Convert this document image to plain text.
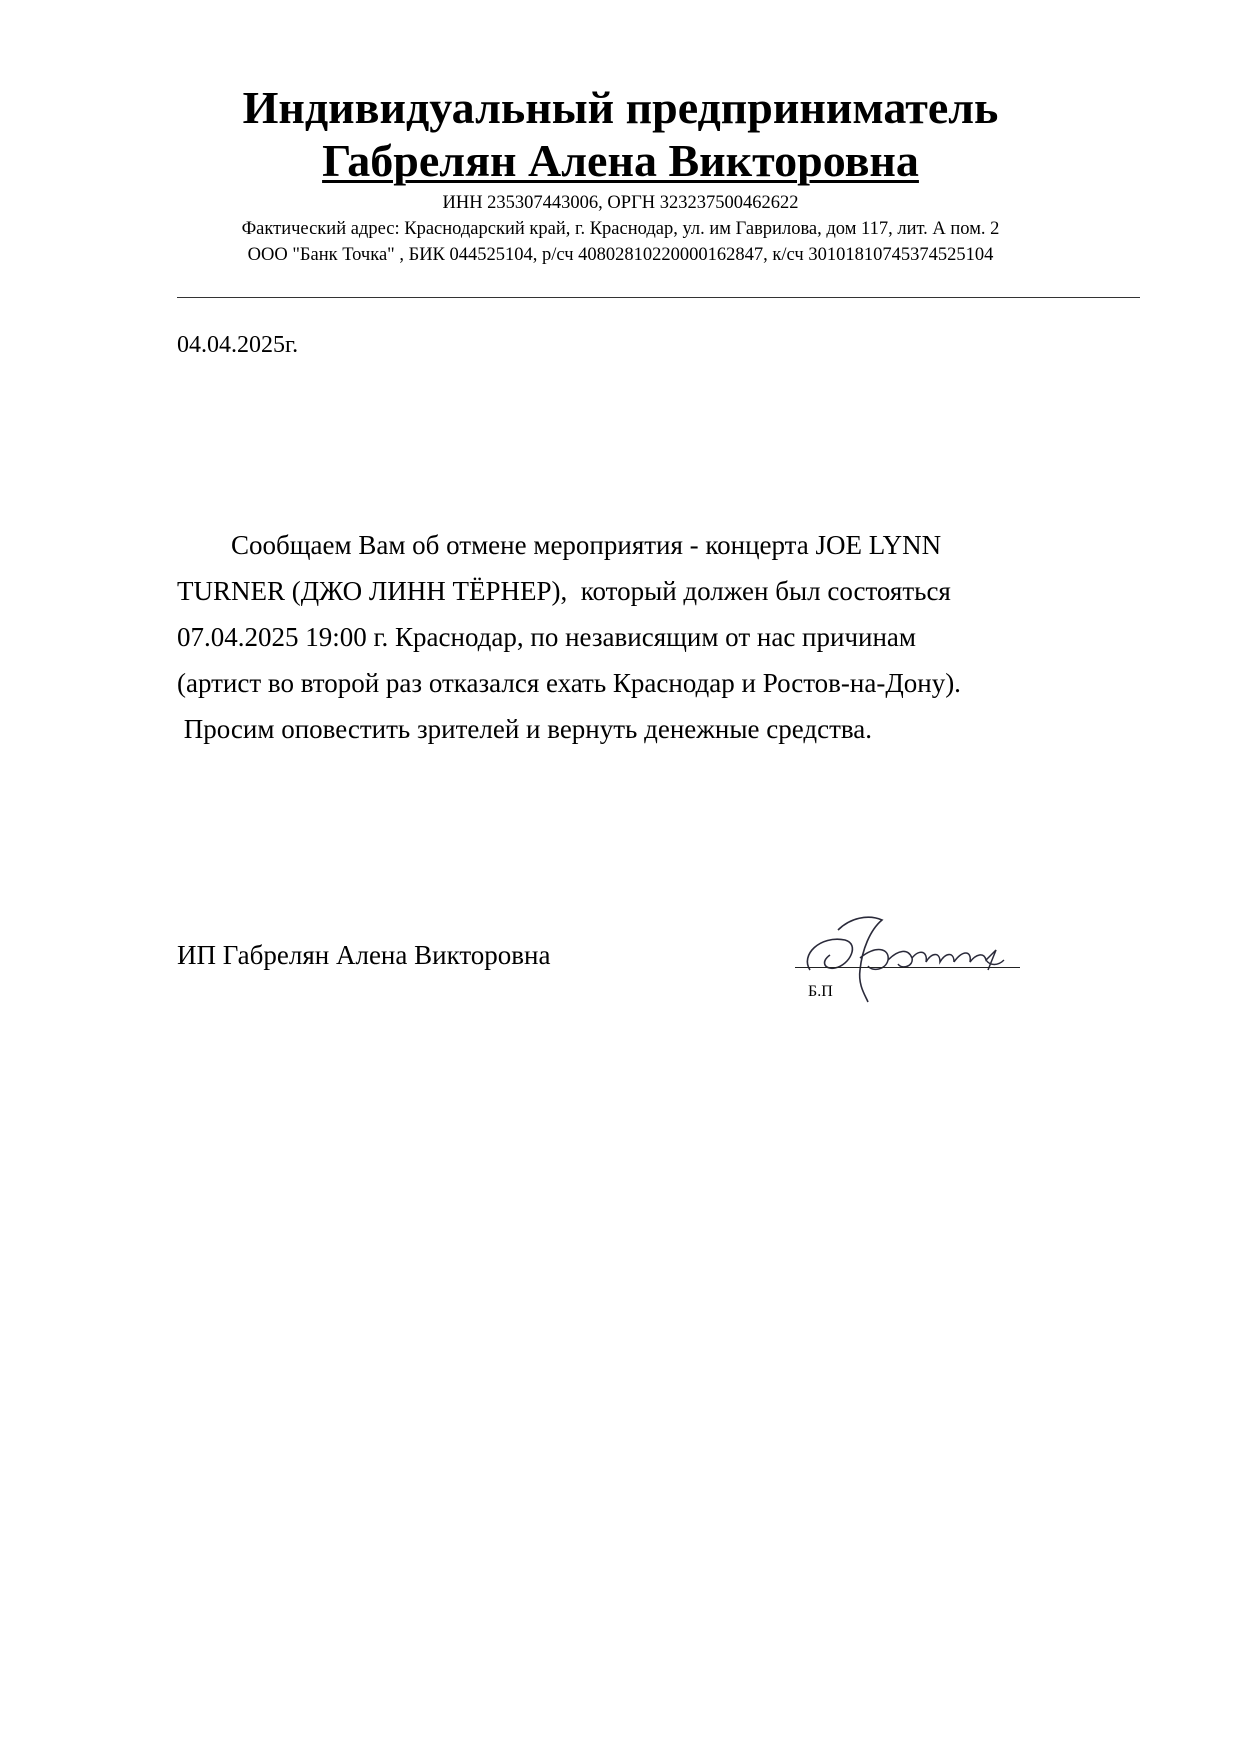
Индивидуальный предприниматель

Габрелян Алена Викторовна

ИНН 235307443006, ОРГН 323237500462622

Фактический адрес: Краснодарский край, г. Краснодар, ул. им Гаврилова, дом 117, лит. А пом. 2

ООО "Банк Точка" , БИК 044525104, р/сч 40802810220000162847, к/сч 30101810745374525104

04.04.2025г.
Сообщаем Вам об отмене мероприятия - концерта JOE LYNN
TURNER (ДЖО ЛИНН ТЁРНЕР),  который должен был состояться
07.04.2025 19:00 г. Краснодар, по независящим от нас причинам
(артист во второй раз отказался ехать Краснодар и Ростов-на-Дону).
Просим оповестить зрителей и вернуть денежные средства.
ИП Габрелян Алена Викторовна
Б.П
